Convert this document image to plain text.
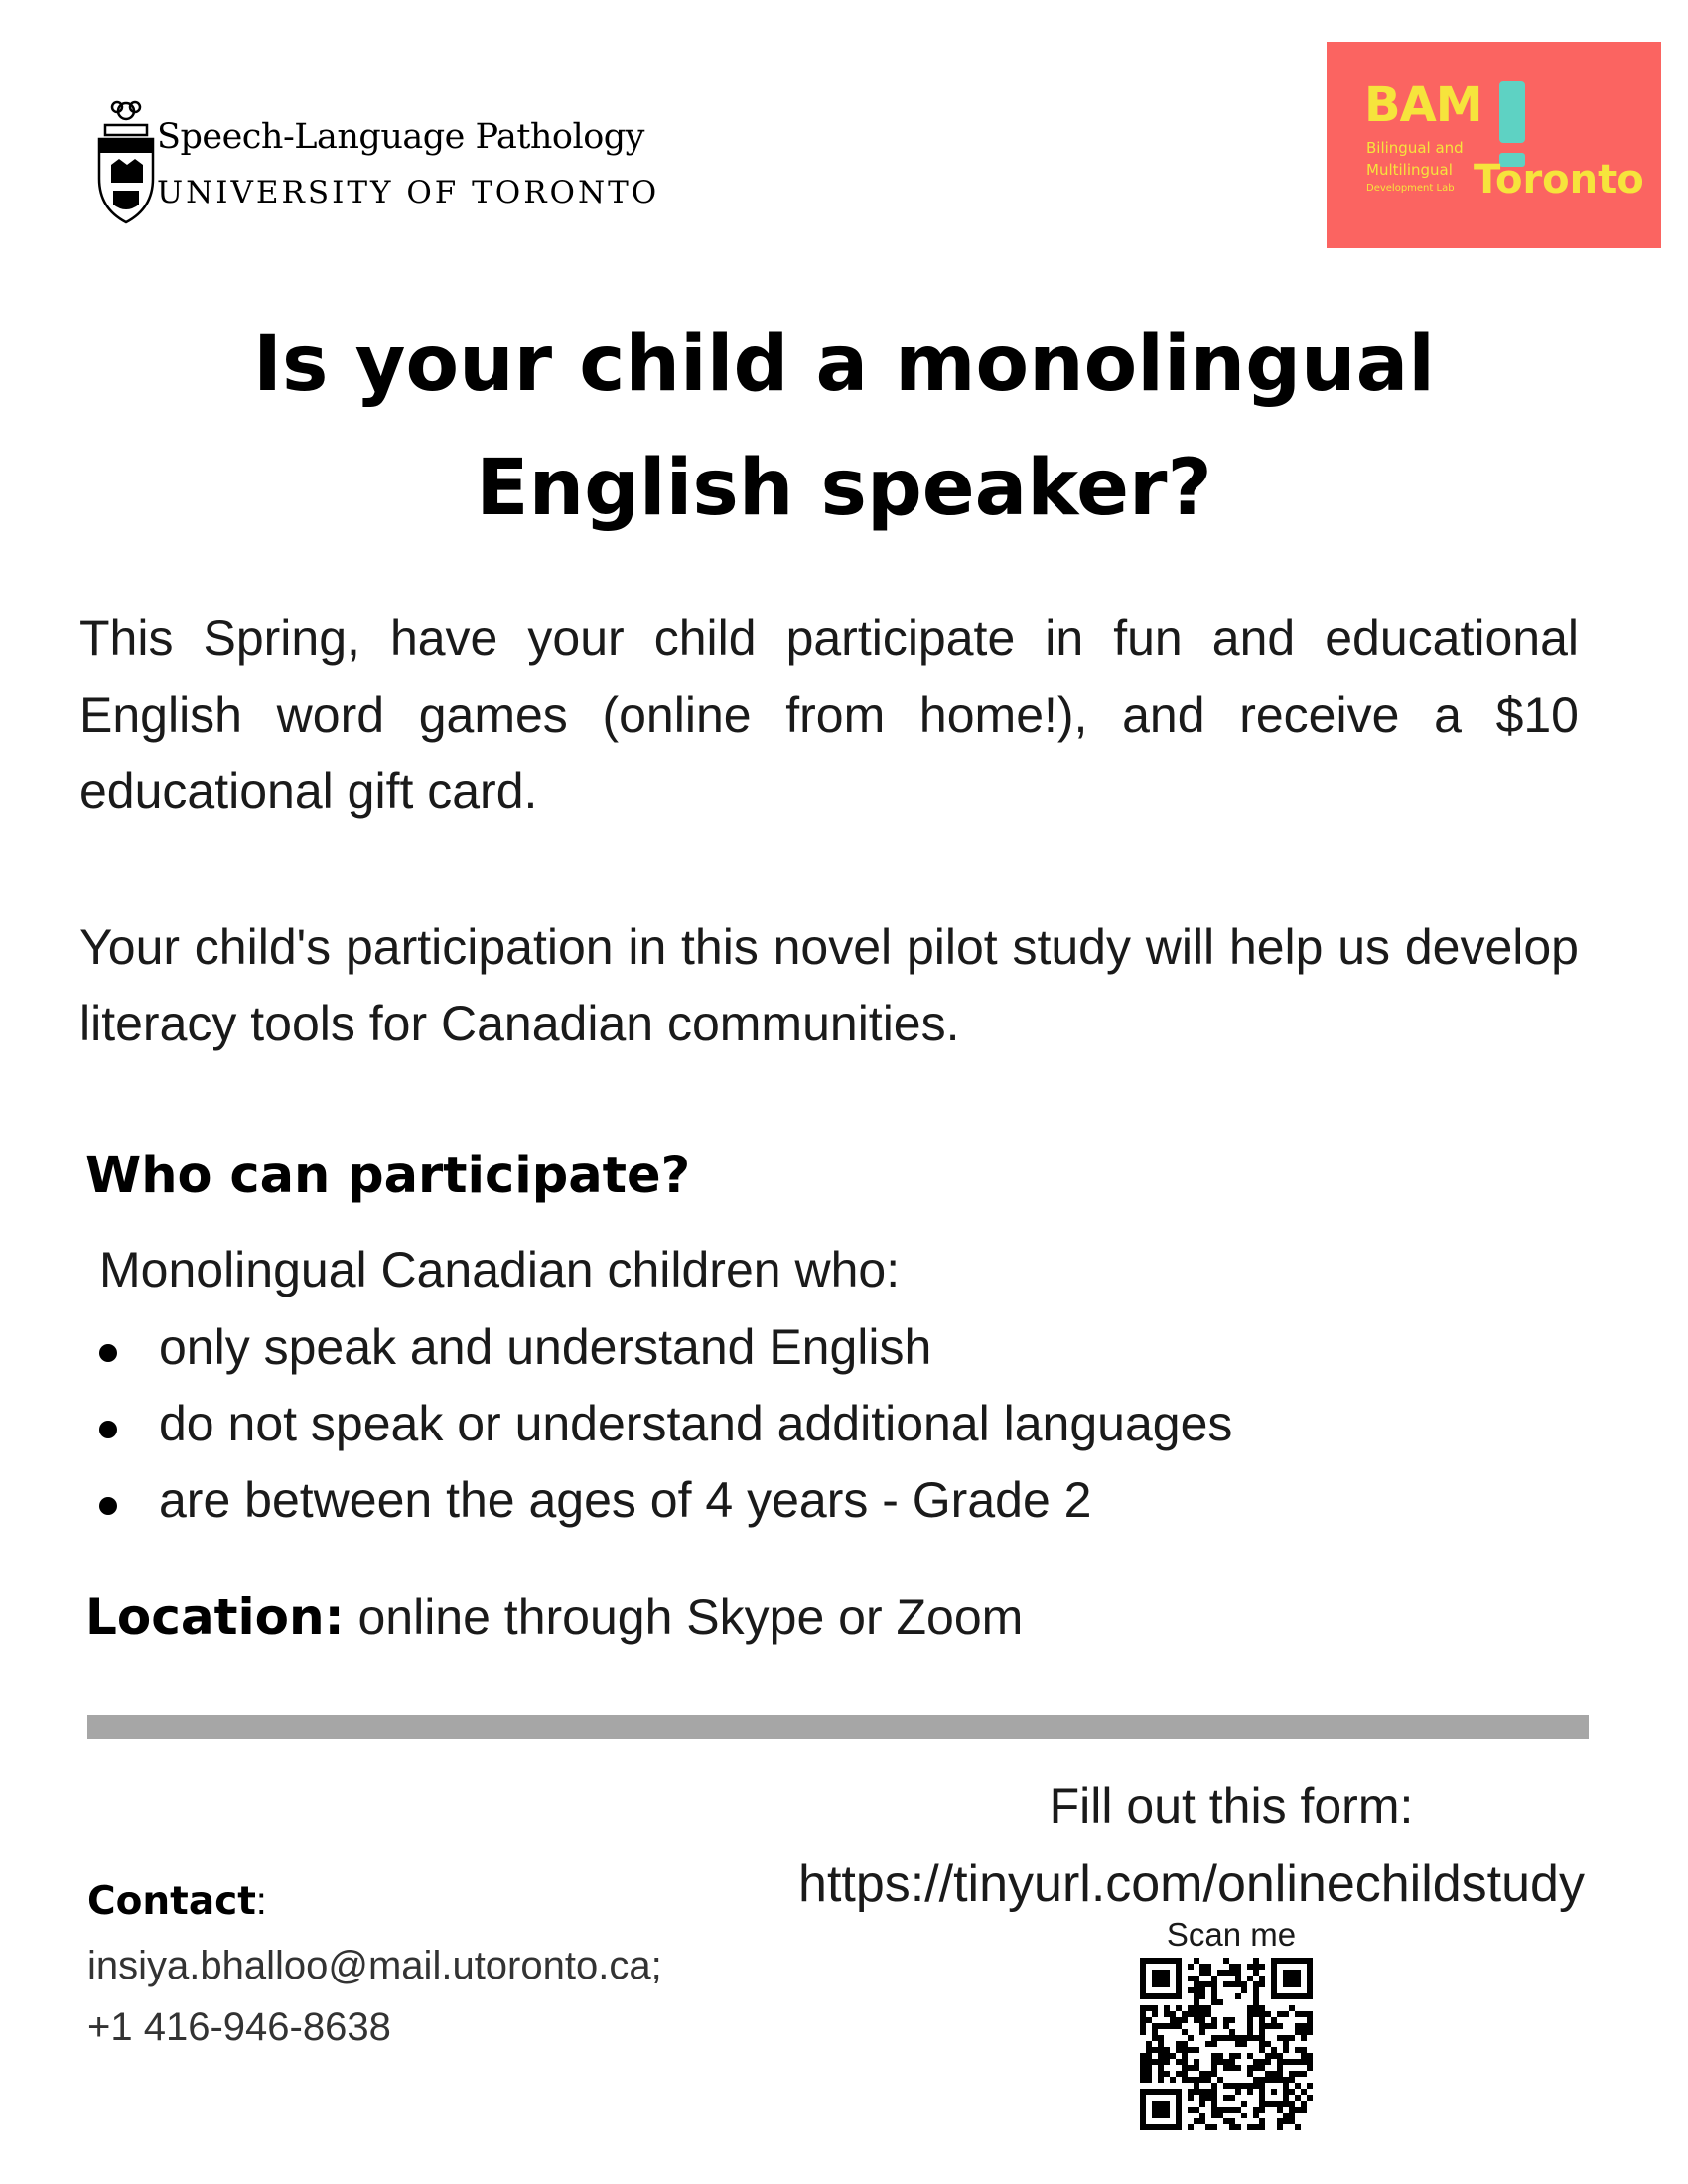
Speech-Language Pathology
UNIVERSITY OF TORONTO
BAM
Bilingual and
Multilingual
Development Lab Toronto
Is your child a monolingual
English speaker?
This Spring, have your child participate in fun and educational English word games (online from home!), and receive a $10 educational gift card.
Your child's participation in this novel pilot study will help us develop literacy tools for Canadian communities.
Who can participate?
Monolingual Canadian children who:
only speak and understand English
do not speak or understand additional languages
are between the ages of 4 years - Grade 2
Location: online through Skype or Zoom
Fill out this form:
https://tinyurl.com/onlinechildstudy
Scan me
Contact:
insiya.bhalloo@mail.utoronto.ca;
+1 416-946-8638
